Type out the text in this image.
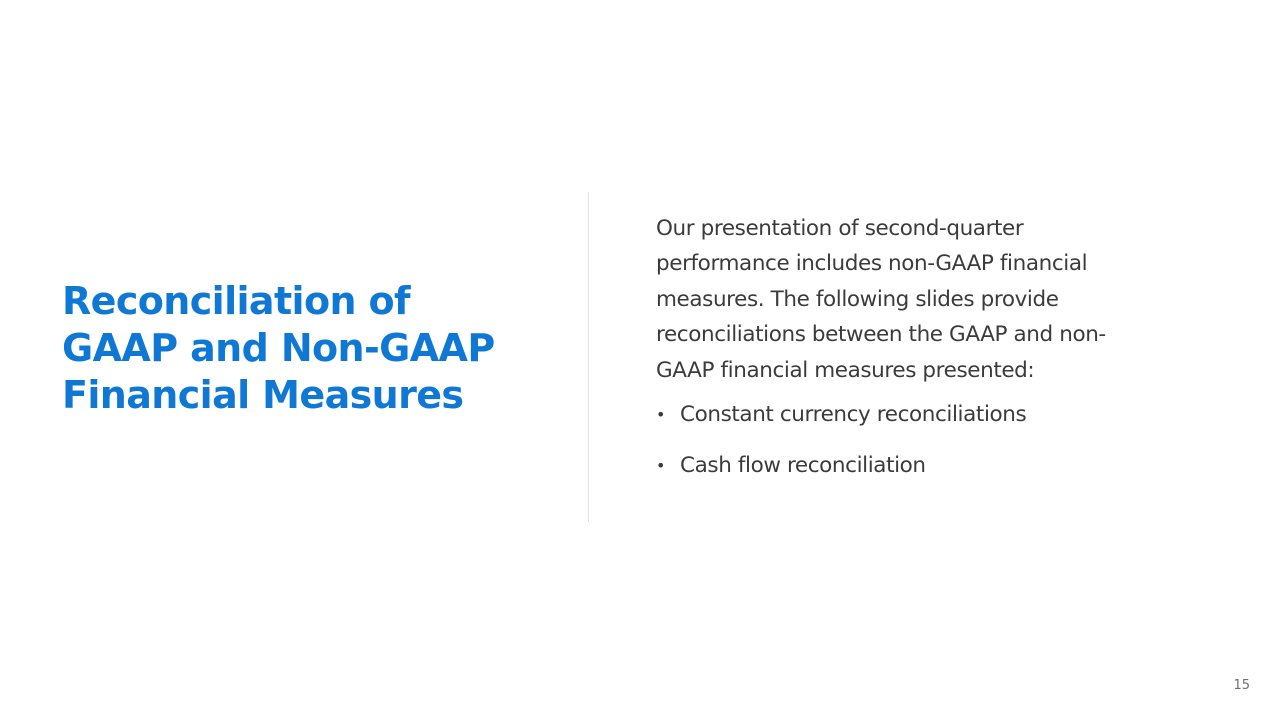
Reconciliation of
GAAP and Non-GAAP
Financial Measures

Our presentation of second-quarter
performance includes non-GAAP financial
measures. The following slides provide
reconciliations between the GAAP and non-
GAAP financial measures presented:

• Constant currency reconciliations
• Cash flow reconciliation
15
